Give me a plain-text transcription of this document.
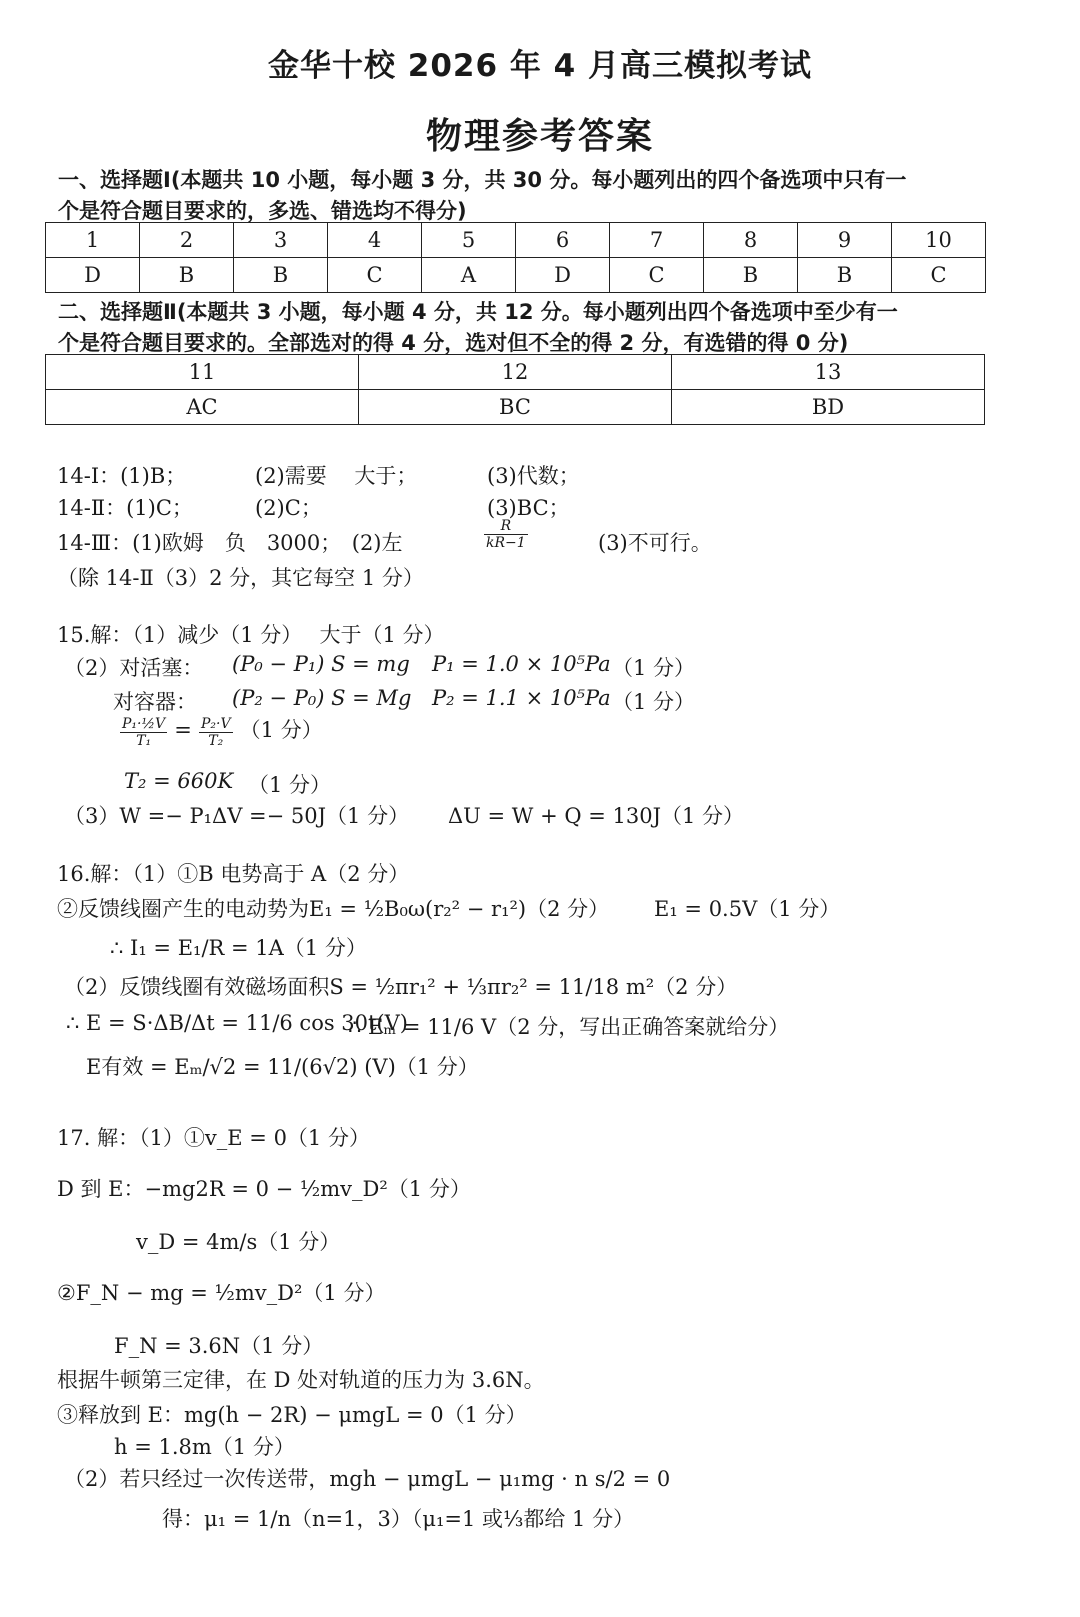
金华十校 2026 年 4 月高三模拟考试
物理参考答案
一、选择题Ⅰ(本题共 10 小题，每小题 3 分，共 30 分。每小题列出的四个备选项中只有一
个是符合题目要求的，多选、错选均不得分)
1	2	3	4	5	6	7	8	9	10
D	B	B	C	A	D	C	B	B	C
二、选择题Ⅱ(本题共 3 小题，每小题 4 分，共 12 分。每小题列出四个备选项中至少有一
个是符合题目要求的。全部选对的得 4 分，选对但不全的得 2 分，有选错的得 0 分)
11	12	13
AC	BC	BD
14-Ⅰ：(1)B；	(2)需要　 大于；	(3)代数；
14-Ⅱ：(1)C；	(2)C；	(3)BC；
14-Ⅲ：(1)欧姆　负　3000；　(2)左	$\frac{R}{kR-1}$	(3)不可行。
（除 14-Ⅱ（3）2 分，其它每空 1 分）
15.解：（1）减少（1 分）　 大于（1 分）
（2）对活塞： (P₀ − P₁) S = mg P₁ = 1.0 × 10⁵Pa （1 分）
对容器： (P₂ − P₀) S = Mg P₂ = 1.1 × 10⁵Pa （1 分）
$\frac{\text{P₁·½V}}{\text{T₁}} = \frac{\text{P₂·V}}{\text{T₂}} (1$ 分）
T₂ = 660K （1 分）
（3）W =− P₁ΔV =− 50J（1 分） ΔU = W + Q = 130J（1 分）
16.解：（1）①B 电势高于 A（2 分）
②反馈线圈产生的电动势为E₁ = ½B₀ω(r₂² − r₁²)（2 分） E₁ = 0.5V（1 分）
∴ I₁ = E₁/R = 1A（1 分）
（2）反馈线圈有效磁场面积S = ½πr₁² + ⅓πr₂² = 11/18 m²（2 分）
∴ E = S·ΔB/Δt = 11/6 cos 30t(V)
∴ Eₘ = 11/6 V（2 分，写出正确答案就给分）
E有效 = Eₘ/√2 = 11/(6√2) (V)（1 分）
17. 解：（1）①v_E = 0（1 分）
D 到 E：−mg2R = 0 − ½mv_D²（1 分）
v_D = 4m/s（1 分）
②F_N − mg = ½mv_D²（1 分）
F_N = 3.6N（1 分）
根据牛顿第三定律，在 D 处对轨道的压力为 3.6N。
③释放到 E：mg(h − 2R) − μmgL = 0（1 分）
h = 1.8m（1 分）
（2）若只经过一次传送带，mgh − μmgL − μ₁mg · n s/2 = 0
得：μ₁ = 1/n（n=1，3）（μ₁=1 或⅓都给 1 分）
